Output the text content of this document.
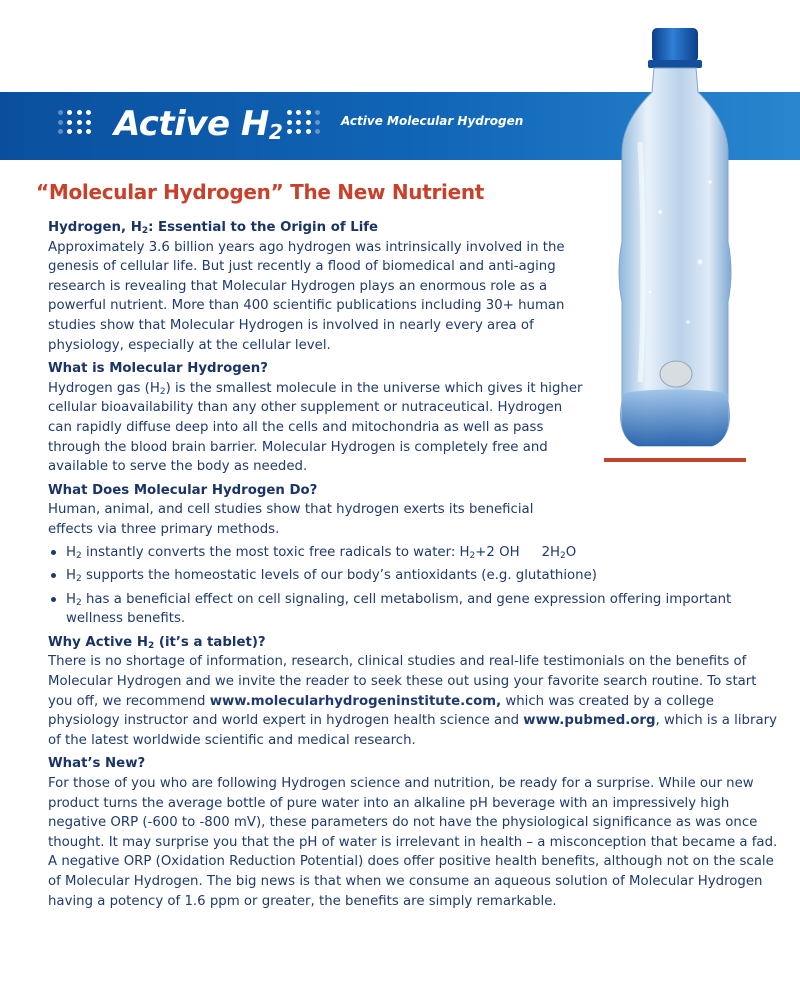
Active $H_2$	Active Molecular Hydrogen
“Molecular Hydrogen” The New Nutrient
Hydrogen, $H_2$: Essential to the Origin of Life

Approximately 3.6 billion years ago hydrogen was intrinsically involved in the genesis of cellular life. But just recently a flood of biomedical and anti-aging research is revealing that Molecular Hydrogen plays an enormous role as a powerful nutrient. More than 400 scientific publications including 30+ human studies show that Molecular Hydrogen is involved in nearly every area of physiology, especially at the cellular level.

What is Molecular Hydrogen?

Hydrogen gas $(H_2)$ is the smallest molecule in the universe which gives it higher cellular bioavailability than any other supplement or nutraceutical. Hydrogen can rapidly diffuse deep into all the cells and mitochondria as well as pass through the blood brain barrier. Molecular Hydrogen is completely free and available to serve the body as needed.

What Does Molecular Hydrogen Do?

Human, animal, and cell studies show that hydrogen exerts its beneficial effects via three primary methods.

$H_2$ instantly converts the most toxic free radicals to water: $H_2+2$ OH $2H_2O$
$H_2$ supports the homeostatic levels of our body’s antioxidants (e.g. glutathione)
$H_2$ has a beneficial effect on cell signaling, cell metabolism, and gene expression offering important wellness benefits.
Why Active $H_2$ (it’s a tablet)?

There is no shortage of information, research, clinical studies and real-life testimonials on the benefits of Molecular Hydrogen and we invite the reader to seek these out using your favorite search routine. To start you off, we recommend www.molecularhydrogeninstitute.com, which was created by a college physiology instructor and world expert in hydrogen health science and www.pubmed.org, which is a library of the latest worldwide scientific and medical research.

What’s New?

For those of you who are following Hydrogen science and nutrition, be ready for a surprise. While our new product turns the average bottle of pure water into an alkaline pH beverage with an impressively high negative ORP (-600 to -800 mV), these parameters do not have the physiological significance as was once thought. It may surprise you that the pH of water is irrelevant in health – a misconception that became a fad. A negative ORP (Oxidation Reduction Potential) does offer positive health benefits, although not on the scale of Molecular Hydrogen. The big news is that when we consume an aqueous solution of Molecular Hydrogen having a potency of 1.6 ppm or greater, the benefits are simply remarkable.
